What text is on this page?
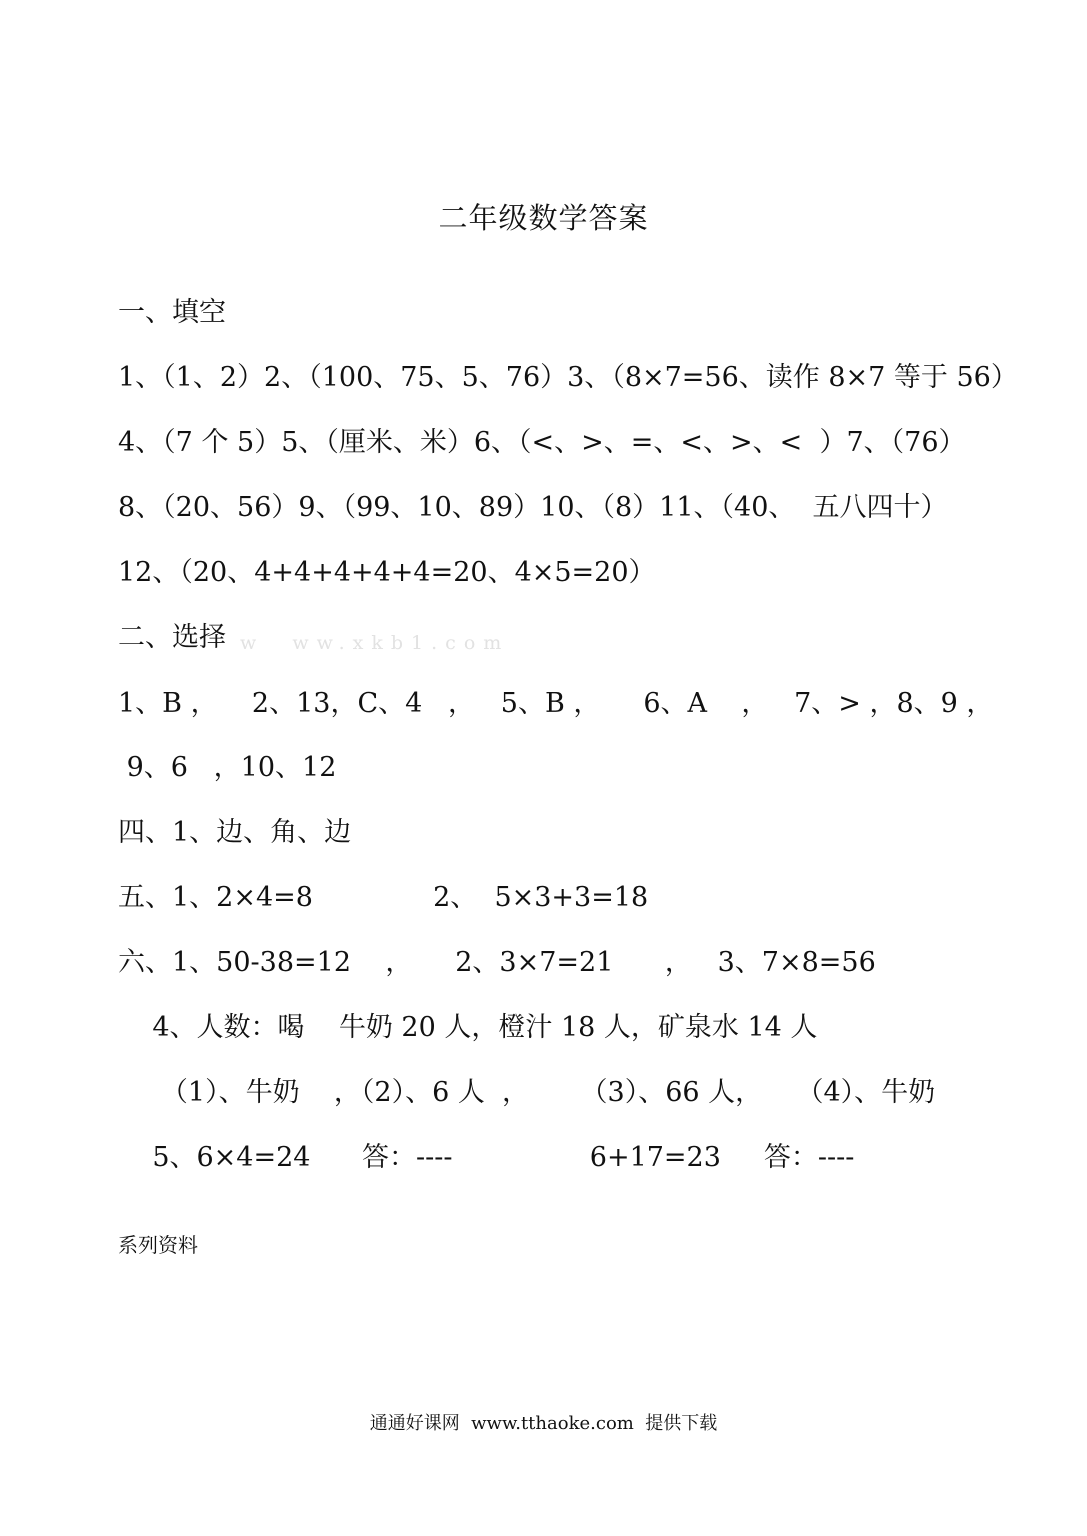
二年级数学答案
一、填空
1、（1、2）2、（100、75、5、76）3、（8×7=56、读作 8×7 等于 56）
4、（7 个 5）5、（厘米、米）6、（<、>、=、<、>、<  ）7、（76）
8、（20、56）9、（99、10、89）10、（8）11、（40、  五八四十）
12、（20、4+4+4+4+4=20、4×5=20）
二、选择 w  ww.xkb1.com
1、B ，    2、13，C、4   ，   5、B ，     6、A    ，   7、> ，8、9 ，
9、6   ，10、12
四、1、边、角、边
五、1、2×4=8              2、  5×3+3=18
六、1、50-38=12    ，     2、3×7=21      ，   3、7×8=56
4、人数：喝    牛奶 20 人，橙汁 18 人，矿泉水 14 人
（1）、牛奶    ，（2）、6 人  ，      （3）、66 人，    （4）、牛奶
5、6×4=24      答：----                6+17=23     答：----
系列资料
通通好课网  www.tthaoke.com  提供下载
